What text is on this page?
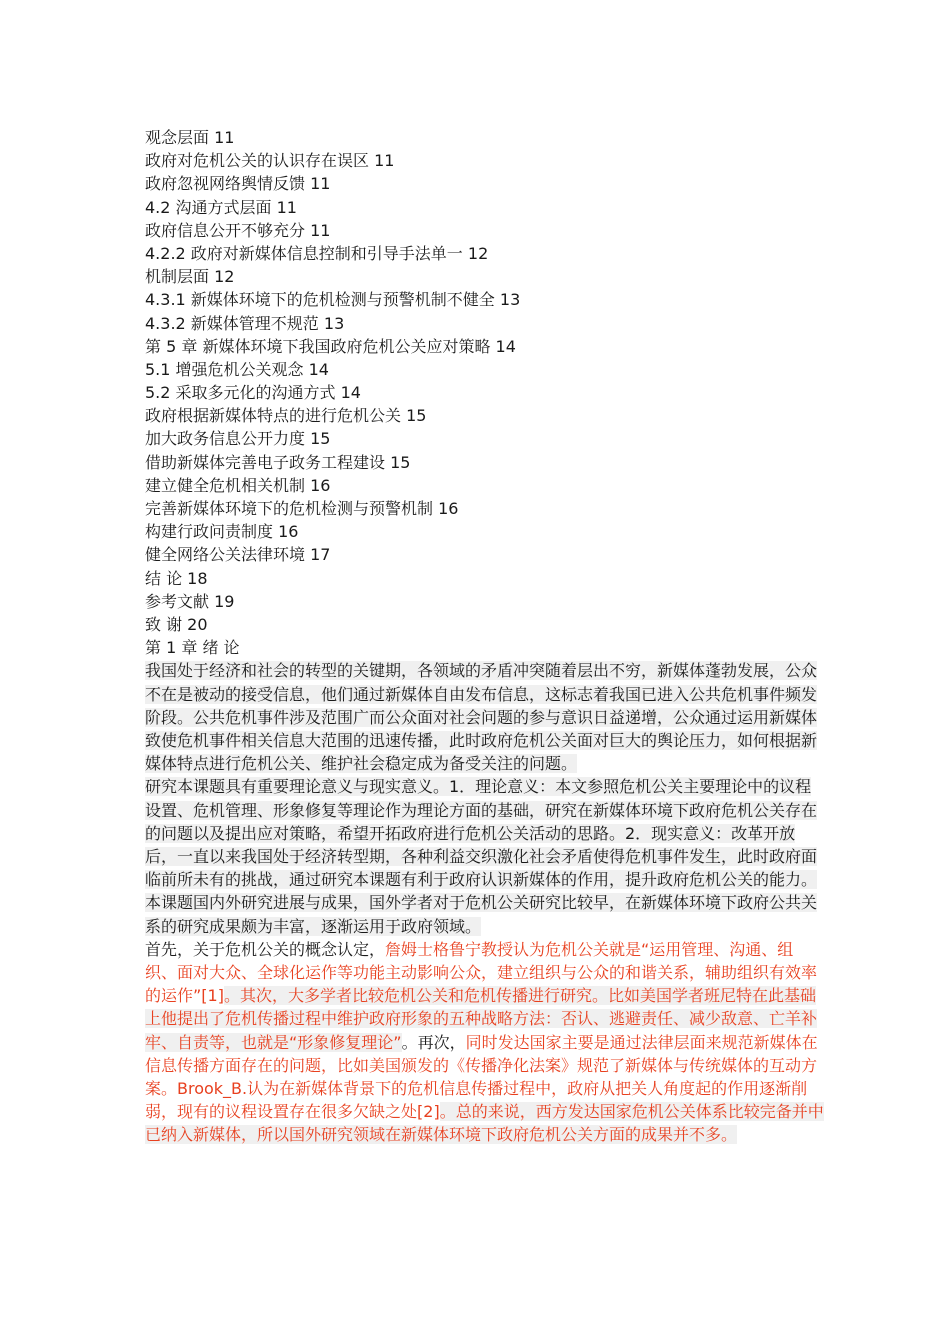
观念层面 11
政府对危机公关的认识存在误区 11
政府忽视网络舆情反馈 11
4.2 沟通方式层面 11
政府信息公开不够充分 11
4.2.2 政府对新媒体信息控制和引导手法单一 12
机制层面 12
4.3.1 新媒体环境下的危机检测与预警机制不健全 13
4.3.2 新媒体管理不规范 13
第 5 章 新媒体环境下我国政府危机公关应对策略 14
5.1 增强危机公关观念 14
5.2 采取多元化的沟通方式 14
政府根据新媒体特点的进行危机公关 15
加大政务信息公开力度 15
借助新媒体完善电子政务工程建设 15
建立健全危机相关机制 16
完善新媒体环境下的危机检测与预警机制 16
构建行政问责制度 16
健全网络公关法律环境 17
结 论 18
参考文献 19
致 谢 20
第 1 章 绪 论

我国处于经济和社会的转型的关键期，各领域的矛盾冲突随着层出不穷，新媒体蓬勃发展，公众不在是被动的接受信息，他们通过新媒体自由发布信息，这标志着我国已进入公共危机事件频发阶段。公共危机事件涉及范围广而公众面对社会问题的参与意识日益递增，公众通过运用新媒体致使危机事件相关信息大范围的迅速传播，此时政府危机公关面对巨大的舆论压力，如何根据新媒体特点进行危机公关、维护社会稳定成为备受关注的问题。

研究本课题具有重要理论意义与现实意义。1．理论意义：本文参照危机公关主要理论中的议程设置、危机管理、形象修复等理论作为理论方面的基础，研究在新媒体环境下政府危机公关存在的问题以及提出应对策略，希望开拓政府进行危机公关活动的思路。2．现实意义：改革开放后，一直以来我国处于经济转型期，各种利益交织激化社会矛盾使得危机事件发生，此时政府面临前所未有的挑战，通过研究本课题有利于政府认识新媒体的作用，提升政府危机公关的能力。

本课题国内外研究进展与成果，国外学者对于危机公关研究比较早，在新媒体环境下政府公共关系的研究成果颇为丰富，逐渐运用于政府领域。

首先，关于危机公关的概念认定，詹姆士格鲁宁教授认为危机公关就是“运用管理、沟通、组织、面对大众、全球化运作等功能主动影响公众，建立组织与公众的和谐关系，辅助组织有效率的运作”[1]。其次，大多学者比较危机公关和危机传播进行研究。比如美国学者班尼特在此基础上他提出了危机传播过程中维护政府形象的五种战略方法：否认、逃避责任、减少敌意、亡羊补牢、自责等，也就是“形象修复理论”。再次，同时发达国家主要是通过法律层面来规范新媒体在信息传播方面存在的问题，比如美国颁发的《传播净化法案》规范了新媒体与传统媒体的互动方案。Brook_B.认为在新媒体背景下的危机信息传播过程中，政府从把关人角度起的作用逐渐削弱，现有的议程设置存在很多欠缺之处[2]。总的来说，西方发达国家危机公关体系比较完备并中已纳入新媒体，所以国外研究领域在新媒体环境下政府危机公关方面的成果并不多。
